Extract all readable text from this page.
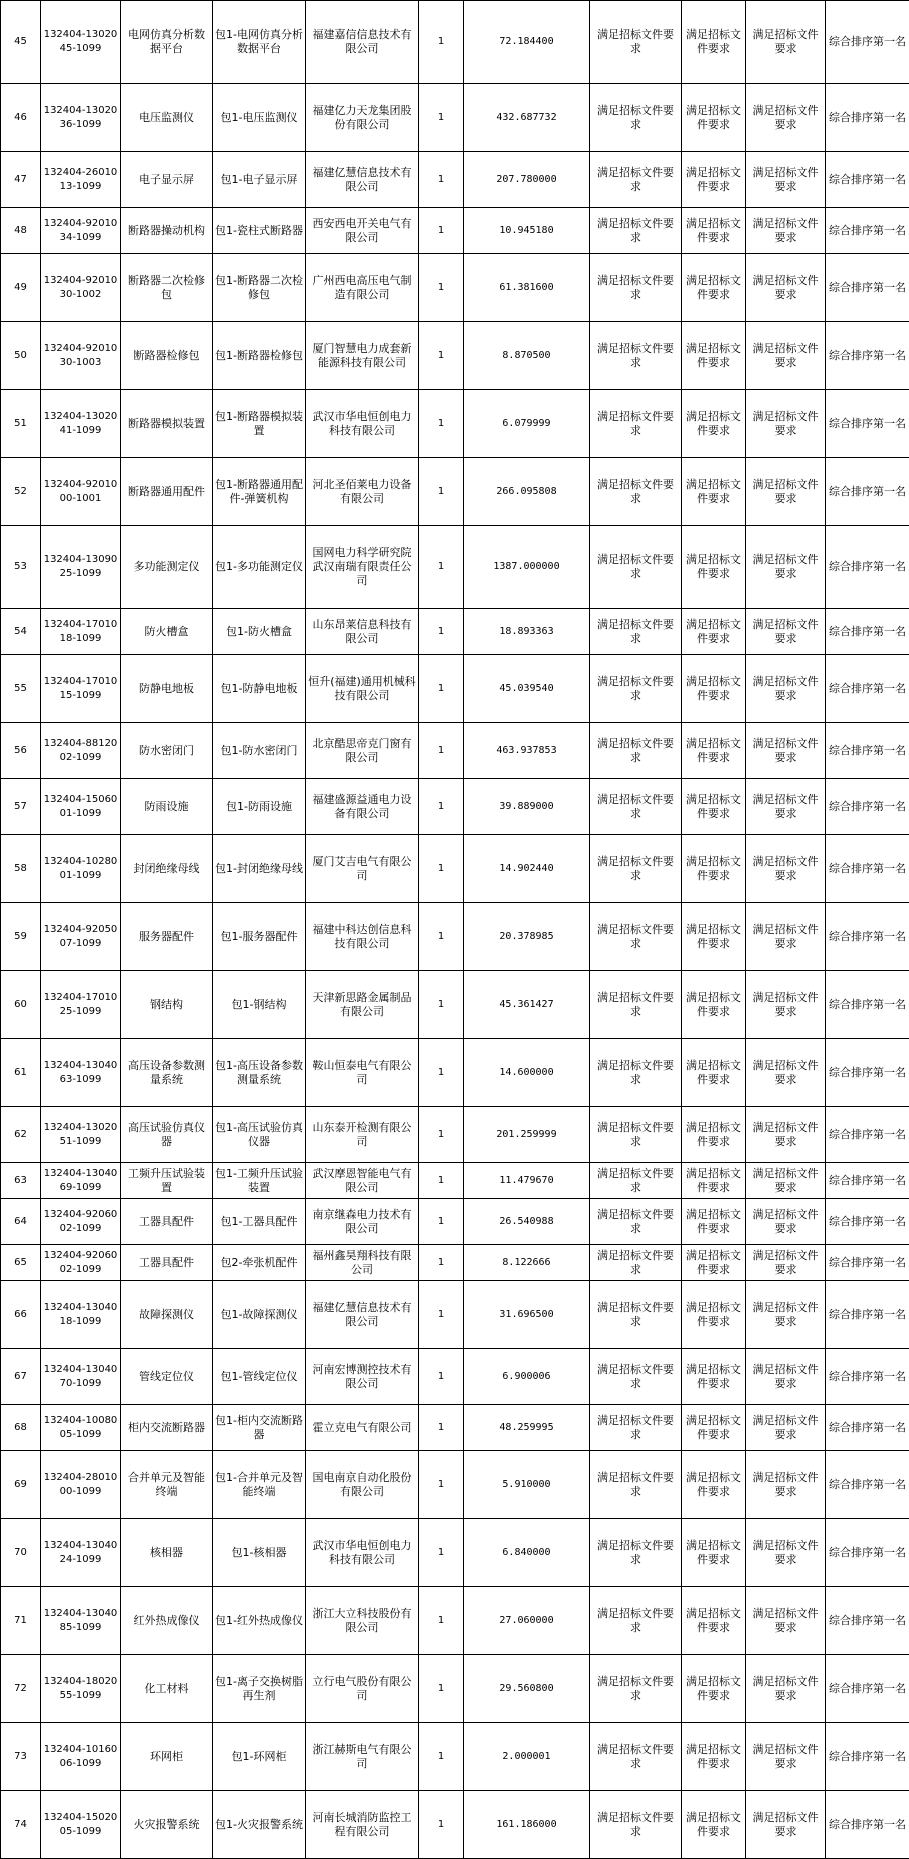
45	132404-1302045-1099	电网仿真分析数据平台	包1-电网仿真分析数据平台	福建嘉信信息技术有限公司	1	72.184400	满足招标文件要求	满足招标文件要求	满足招标文件要求	综合排序第一名
46	132404-1302036-1099	电压监测仪	包1-电压监测仪	福建亿力天龙集团股份有限公司	1	432.687732	满足招标文件要求	满足招标文件要求	满足招标文件要求	综合排序第一名
47	132404-2601013-1099	电子显示屏	包1-电子显示屏	福建亿慧信息技术有限公司	1	207.780000	满足招标文件要求	满足招标文件要求	满足招标文件要求	综合排序第一名
48	132404-9201034-1099	断路器操动机构	包1-瓷柱式断路器	西安西电开关电气有限公司	1	10.945180	满足招标文件要求	满足招标文件要求	满足招标文件要求	综合排序第一名
49	132404-9201030-1002	断路器二次检修包	包1-断路器二次检修包	广州西电高压电气制造有限公司	1	61.381600	满足招标文件要求	满足招标文件要求	满足招标文件要求	综合排序第一名
50	132404-9201030-1003	断路器检修包	包1-断路器检修包	厦门智慧电力成套新能源科技有限公司	1	8.870500	满足招标文件要求	满足招标文件要求	满足招标文件要求	综合排序第一名
51	132404-1302041-1099	断路器模拟装置	包1-断路器模拟装置	武汉市华电恒创电力科技有限公司	1	6.079999	满足招标文件要求	满足招标文件要求	满足招标文件要求	综合排序第一名
52	132404-9201000-1001	断路器通用配件	包1-断路器通用配件-弹簧机构	河北圣佰莱电力设备有限公司	1	266.095808	满足招标文件要求	满足招标文件要求	满足招标文件要求	综合排序第一名
53	132404-1309025-1099	多功能测定仪	包1-多功能测定仪	国网电力科学研究院武汉南瑞有限责任公司	1	1387.000000	满足招标文件要求	满足招标文件要求	满足招标文件要求	综合排序第一名
54	132404-1701018-1099	防火槽盒	包1-防火槽盒	山东昂莱信息科技有限公司	1	18.893363	满足招标文件要求	满足招标文件要求	满足招标文件要求	综合排序第一名
55	132404-1701015-1099	防静电地板	包1-防静电地板	恒升(福建)通用机械科技有限公司	1	45.039540	满足招标文件要求	满足招标文件要求	满足招标文件要求	综合排序第一名
56	132404-8812002-1099	防水密闭门	包1-防水密闭门	北京酷思帝克门窗有限公司	1	463.937853	满足招标文件要求	满足招标文件要求	满足招标文件要求	综合排序第一名
57	132404-1506001-1099	防雨设施	包1-防雨设施	福建盛源益通电力设备有限公司	1	39.889000	满足招标文件要求	满足招标文件要求	满足招标文件要求	综合排序第一名
58	132404-1028001-1099	封闭绝缘母线	包1-封闭绝缘母线	厦门艾吉电气有限公司	1	14.902440	满足招标文件要求	满足招标文件要求	满足招标文件要求	综合排序第一名
59	132404-9205007-1099	服务器配件	包1-服务器配件	福建中科达创信息科技有限公司	1	20.378985	满足招标文件要求	满足招标文件要求	满足招标文件要求	综合排序第一名
60	132404-1701025-1099	钢结构	包1-钢结构	天津新思路金属制品有限公司	1	45.361427	满足招标文件要求	满足招标文件要求	满足招标文件要求	综合排序第一名
61	132404-1304063-1099	高压设备参数测量系统	包1-高压设备参数测量系统	鞍山恒泰电气有限公司	1	14.600000	满足招标文件要求	满足招标文件要求	满足招标文件要求	综合排序第一名
62	132404-1302051-1099	高压试验仿真仪器	包1-高压试验仿真仪器	山东泰开检测有限公司	1	201.259999	满足招标文件要求	满足招标文件要求	满足招标文件要求	综合排序第一名
63	132404-1304069-1099	工频升压试验装置	包1-工频升压试验装置	武汉摩恩智能电气有限公司	1	11.479670	满足招标文件要求	满足招标文件要求	满足招标文件要求	综合排序第一名
64	132404-9206002-1099	工器具配件	包1-工器具配件	南京继森电力技术有限公司	1	26.540988	满足招标文件要求	满足招标文件要求	满足招标文件要求	综合排序第一名
65	132404-9206002-1099	工器具配件	包2-牵张机配件	福州鑫昊翔科技有限公司	1	8.122666	满足招标文件要求	满足招标文件要求	满足招标文件要求	综合排序第一名
66	132404-1304018-1099	故障探测仪	包1-故障探测仪	福建亿慧信息技术有限公司	1	31.696500	满足招标文件要求	满足招标文件要求	满足招标文件要求	综合排序第一名
67	132404-1304070-1099	管线定位仪	包1-管线定位仪	河南宏博测控技术有限公司	1	6.900006	满足招标文件要求	满足招标文件要求	满足招标文件要求	综合排序第一名
68	132404-1008005-1099	柜内交流断路器	包1-柜内交流断路器	霍立克电气有限公司	1	48.259995	满足招标文件要求	满足招标文件要求	满足招标文件要求	综合排序第一名
69	132404-2801000-1099	合并单元及智能终端	包1-合并单元及智能终端	国电南京自动化股份有限公司	1	5.910000	满足招标文件要求	满足招标文件要求	满足招标文件要求	综合排序第一名
70	132404-1304024-1099	核相器	包1-核相器	武汉市华电恒创电力科技有限公司	1	6.840000	满足招标文件要求	满足招标文件要求	满足招标文件要求	综合排序第一名
71	132404-1304085-1099	红外热成像仪	包1-红外热成像仪	浙江大立科技股份有限公司	1	27.060000	满足招标文件要求	满足招标文件要求	满足招标文件要求	综合排序第一名
72	132404-1802055-1099	化工材料	包1-离子交换树脂再生剂	立行电气股份有限公司	1	29.560800	满足招标文件要求	满足招标文件要求	满足招标文件要求	综合排序第一名
73	132404-1016006-1099	环网柜	包1-环网柜	浙江赫斯电气有限公司	1	2.000001	满足招标文件要求	满足招标文件要求	满足招标文件要求	综合排序第一名
74	132404-1502005-1099	火灾报警系统	包1-火灾报警系统	河南长城消防监控工程有限公司	1	161.186000	满足招标文件要求	满足招标文件要求	满足招标文件要求	综合排序第一名
